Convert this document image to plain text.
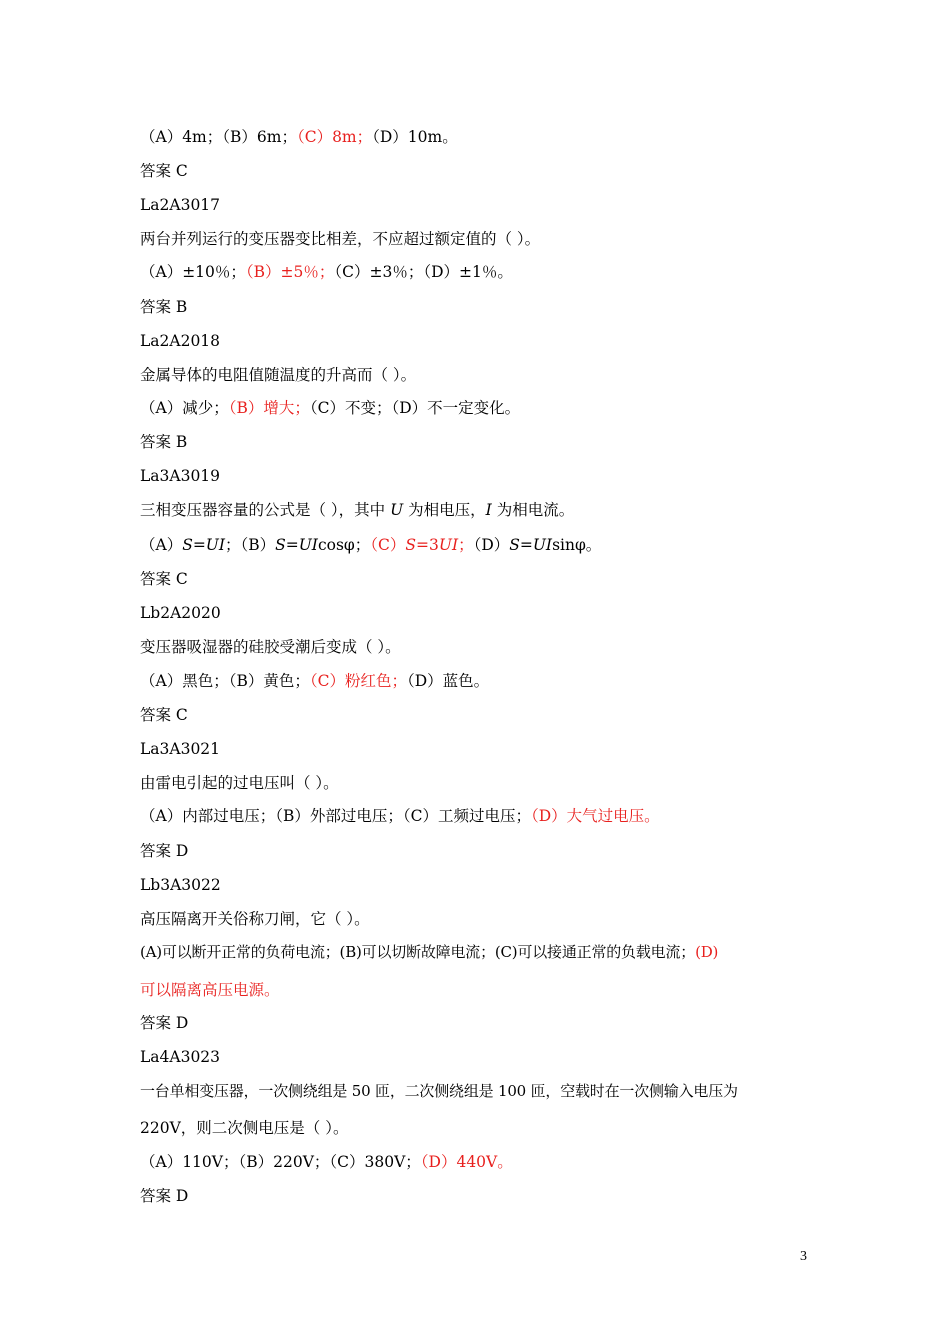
（A）4m；（B）6m；（C）8m；（D）10m。
答案 C
La2A3017
两台并列运行的变压器变比相差，不应超过额定值的（ ）。
（A）±10％；（B）±5％；（C）±3％；（D）±1％。
答案 B
La2A2018
金属导体的电阻值随温度的升高而（ ）。
（A）减少；（B）增大；（C）不变；（D）不一定变化。
答案 B
La3A3019
三相变压器容量的公式是（ ），其中 U 为相电压，I 为相电流。
（A）S=UI；（B）S=UIcosφ；（C）S=3UI；（D）S=UIsinφ。
答案 C
Lb2A2020
变压器吸湿器的硅胶受潮后变成（ ）。
（A）黑色；（B）黄色；（C）粉红色；（D）蓝色。
答案 C
La3A3021
由雷电引起的过电压叫（ ）。
（A）内部过电压；（B）外部过电压；（C）工频过电压；（D）大气过电压。
答案 D
Lb3A3022
高压隔离开关俗称刀闸，它（ ）。
(A)可以断开正常的负荷电流；(B)可以切断故障电流；(C)可以接通正常的负载电流；(D)
可以隔离高压电源。
答案 D
La4A3023
一台单相变压器，一次侧绕组是 50 匝，二次侧绕组是 100 匝，空载时在一次侧输入电压为
220V，则二次侧电压是（ ）。
（A）110V；（B）220V；（C）380V；（D）440V。
答案 D
3
